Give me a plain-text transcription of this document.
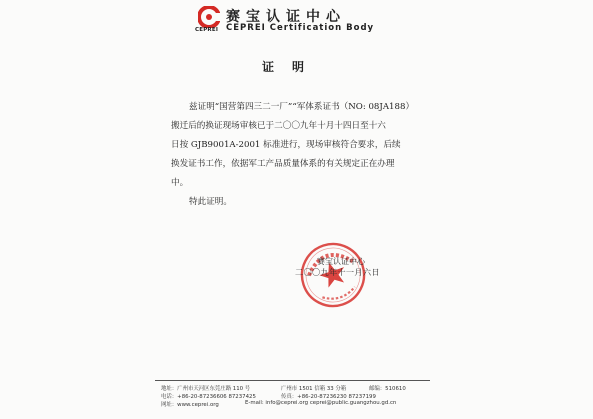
CEPREI
赛宝认证中心
CEPREI Certification Body
证明
兹证明“国营第四三二一厂”“军体系证书（NO: 08JA188）
搬迁后的换证现场审核已于二〇〇九年十月十四日至十六
日按 GJB9001A-2001 标准进行，现场审核符合要求，后续
换发证书工作，依据军工产品质量体系的有关规定正在办理
中。
特此证明。
赛宝认证中心
二〇〇九年十一月六日
地址：广州市天河区东莞庄路 110 号	广州市 1501 信箱 33 分箱	邮编：510610
电话：+86-20-87236606 87237425	传真：+86-20-87236230 87237199
网址：www.ceprei.org	E-mail: info@ceprei.org ceprei@public.guangzhou.gd.cn
